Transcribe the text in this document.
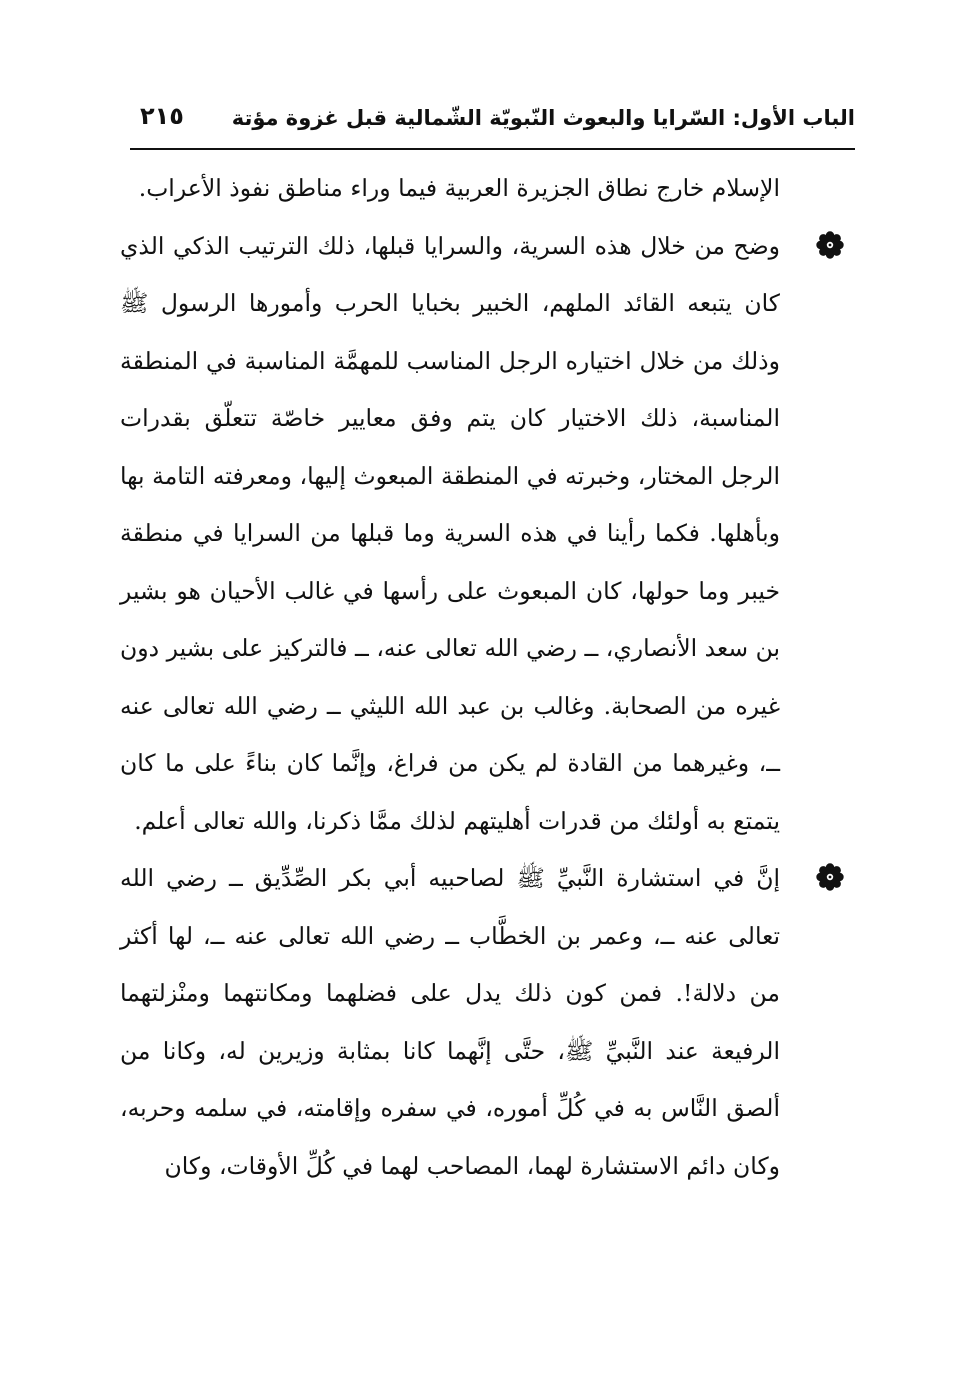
الباب الأول: السّرايا والبعوث النّبويّة الشّمالية قبل غزوة مؤتة
٢١٥

الإسلام خارج نطاق الجزيرة العربية فيما وراء مناطق نفوذ الأعراب.

وضح من خلال هذه السرية، والسرايا قبلها، ذلك الترتيب الذكي الذي كان يتبعه القائد الملهم، الخبير بخبايا الحرب وأمورها الرسول ﷺ وذلك من خلال اختياره الرجل المناسب للمهمَّة المناسبة في المنطقة المناسبة، ذلك الاختيار كان يتم وفق معايير خاصّة تتعلّق بقدرات الرجل المختار، وخبرته في المنطقة المبعوث إليها، ومعرفته التامة بها وبأهلها. فكما رأينا في هذه السرية وما قبلها من السرايا في منطقة خيبر وما حولها، كان المبعوث على رأسها في غالب الأحيان هو بشير بن سعد الأنصاري، ــ رضي الله تعالى عنه، ــ فالتركيز على بشير دون غيره من الصحابة. وغالب بن عبد الله الليثي ــ رضي الله تعالى عنه ــ، وغيرهما من القادة لم يكن من فراغ، وإنَّما كان بناءً على ما كان يتمتع به أولئك من قدرات أهليتهم لذلك ممَّا ذكرنا، والله تعالى أعلم.

إنَّ في استشارة النَّبيِّ ﷺ لصاحبيه أبي بكر الصِّدِّيق ــ رضي الله تعالى عنه ــ، وعمر بن الخطَّاب ــ رضي الله تعالى عنه ــ، لها أكثر من دلالة!. فمن كون ذلك يدل على فضلهما ومكانتهما ومنْزلتهما الرفيعة عند النَّبيِّ ﷺ، حتَّى إنَّهما كانا بمثابة وزيرين له، وكانا من ألصق النَّاس به في كُلِّ أموره، في سفره وإقامته، في سلمه وحربه، وكان دائم الاستشارة لهما، المصاحب لهما في كُلِّ الأوقات، وكان
